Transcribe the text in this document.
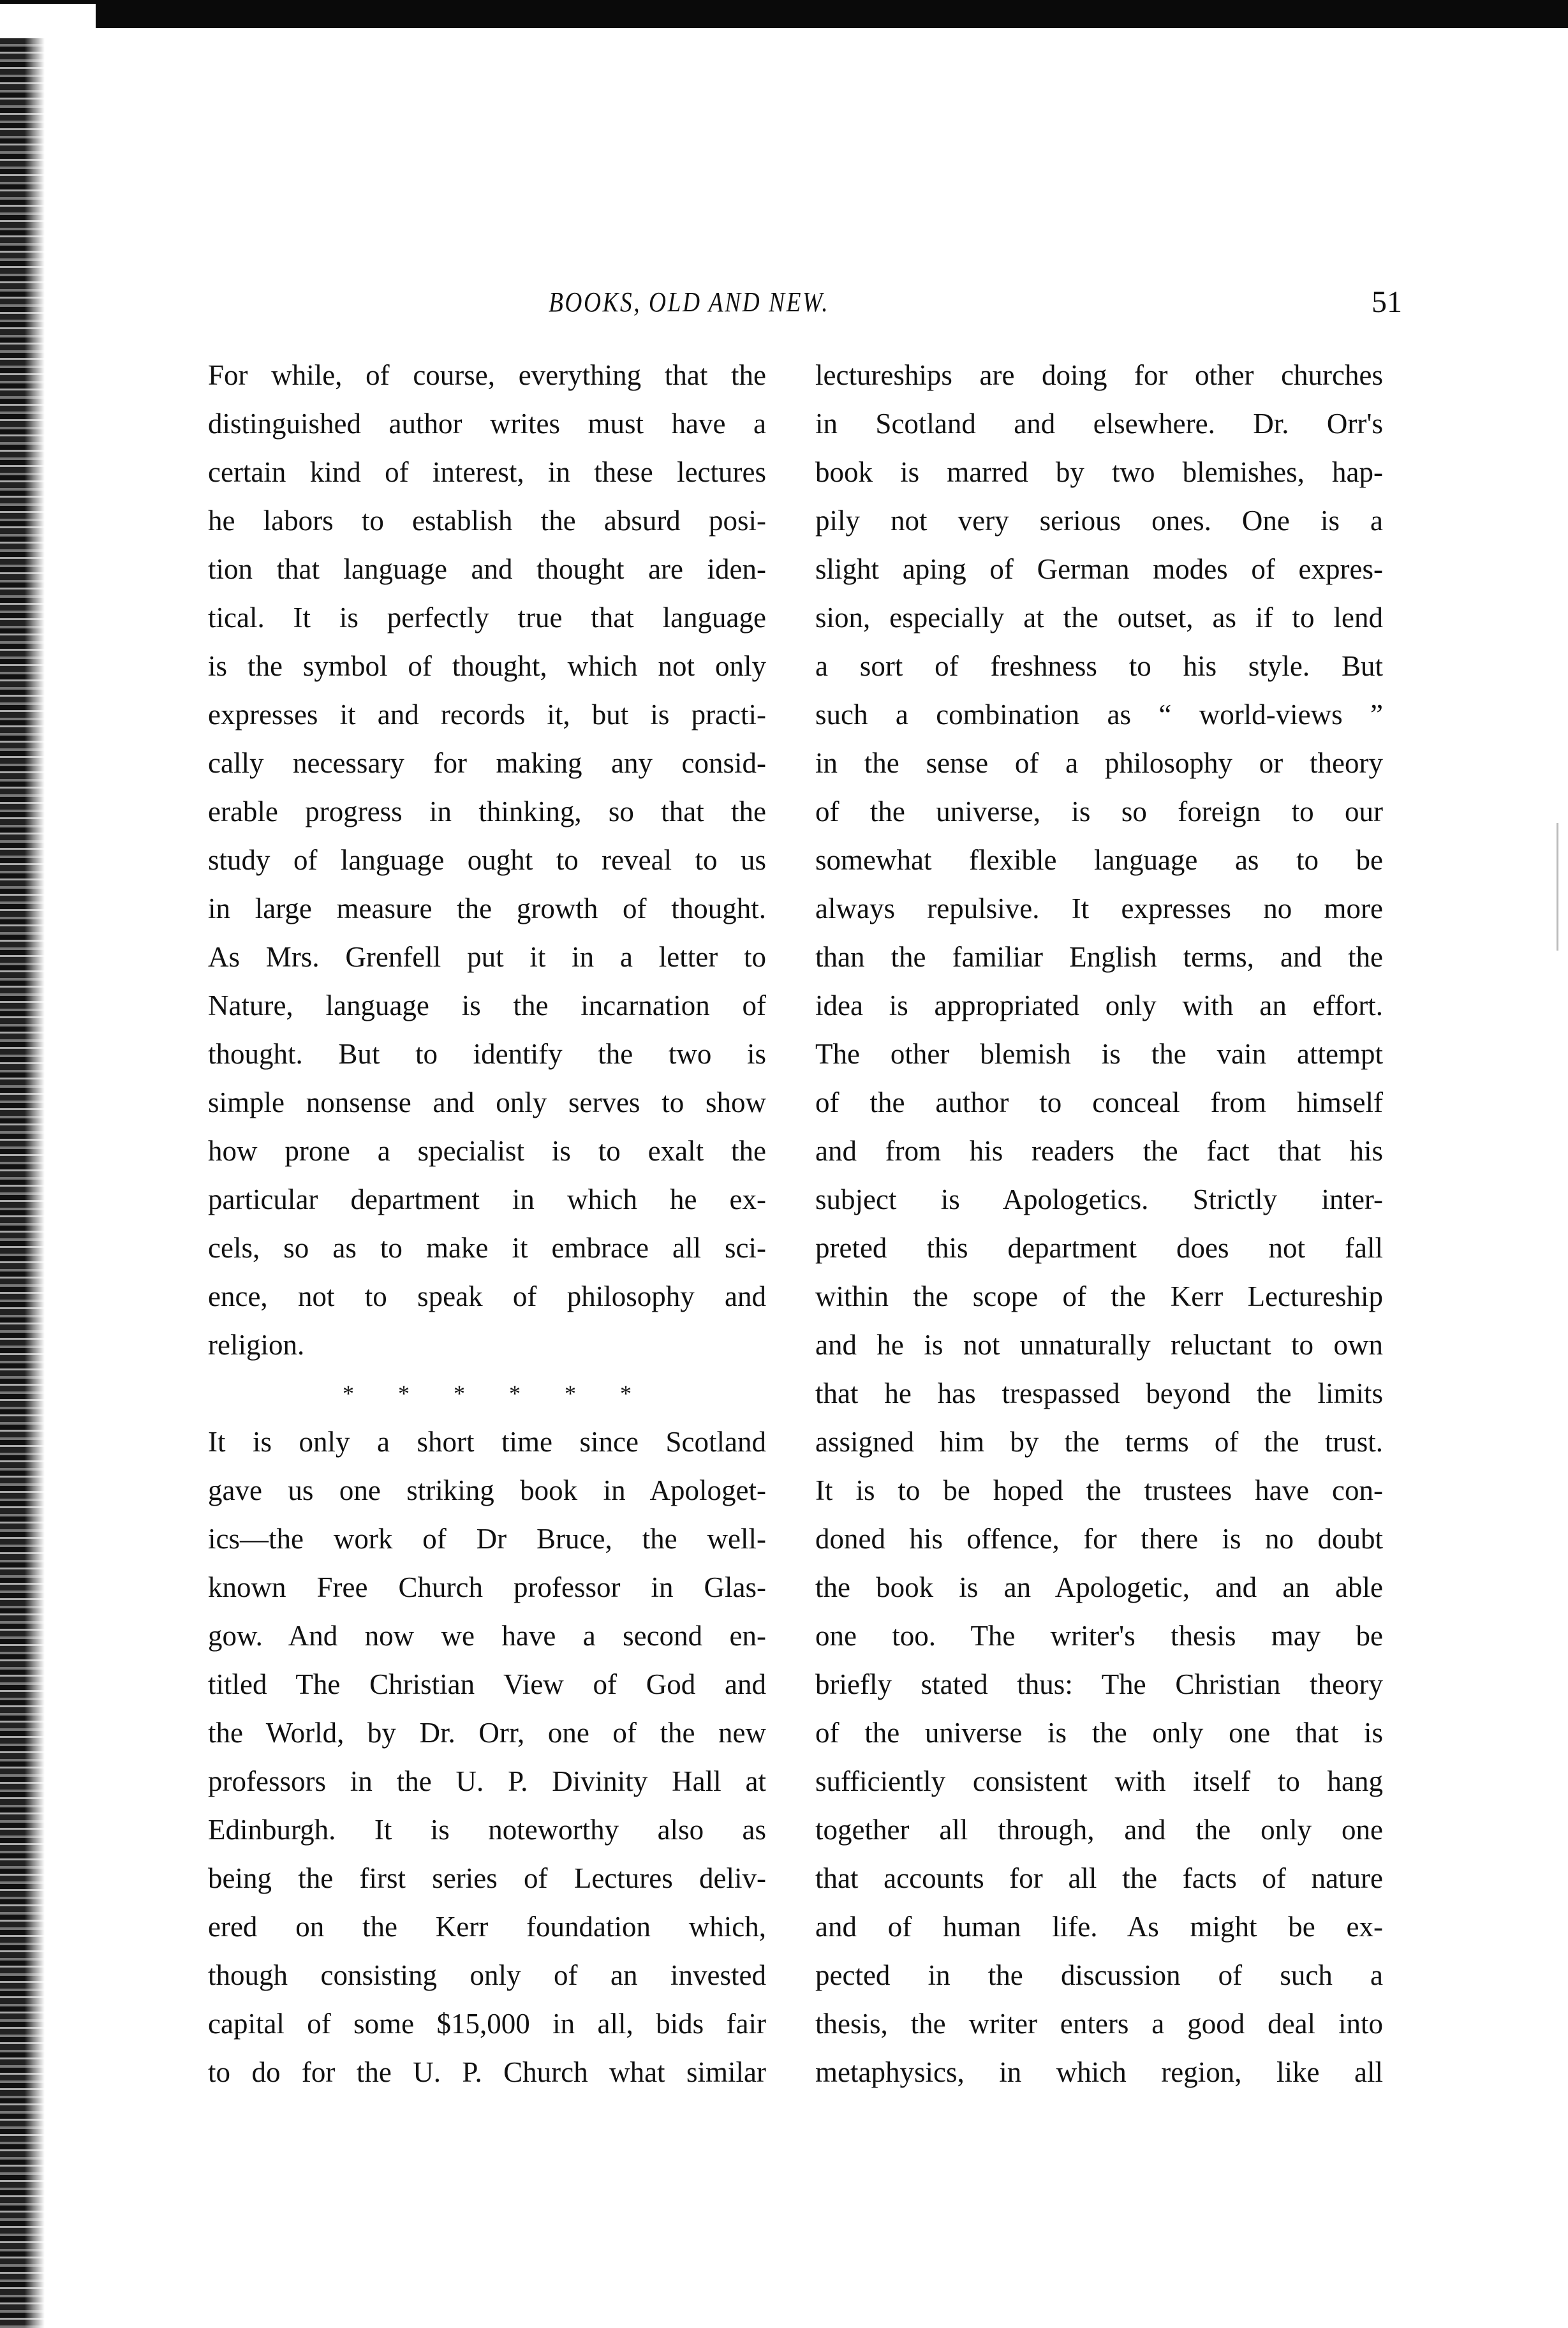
BOOKS, OLD AND NEW.	51
For while, of course, everything that the
distinguished author writes must have a
certain kind of interest, in these lectures
he labors to establish the absurd posi-
tion that language and thought are iden-
tical. It is perfectly true that language
is the symbol of thought, which not only
expresses it and records it, but is practi-
cally necessary for making any consid-
erable progress in thinking, so that the
study of language ought to reveal to us
in large measure the growth of thought.
As Mrs. Grenfell put it in a letter to
Nature, language is the incarnation of
thought. But to identify the two is
simple nonsense and only serves to show
how prone a specialist is to exalt the
particular department in which he ex-
cels, so as to make it embrace all sci-
ence, not to speak of philosophy and
religion.
* * * * * *
It is only a short time since Scotland
gave us one striking book in Apologet-
ics—the work of Dr Bruce, the well-
known Free Church professor in Glas-
gow. And now we have a second en-
titled The Christian View of God and
the World, by Dr. Orr, one of the new
professors in the U. P. Divinity Hall at
Edinburgh. It is noteworthy also as
being the first series of Lectures deliv-
ered on the Kerr foundation which,
though consisting only of an invested
capital of some $15,000 in all, bids fair
to do for the U. P. Church what similar
lectureships are doing for other churches
in Scotland and elsewhere. Dr. Orr's
book is marred by two blemishes, hap-
pily not very serious ones. One is a
slight aping of German modes of expres-
sion, especially at the outset, as if to lend
a sort of freshness to his style. But
such a combination as “ world-views ”
in the sense of a philosophy or theory
of the universe, is so foreign to our
somewhat flexible language as to be
always repulsive. It expresses no more
than the familiar English terms, and the
idea is appropriated only with an effort.
The other blemish is the vain attempt
of the author to conceal from himself
and from his readers the fact that his
subject is Apologetics. Strictly inter-
preted this department does not fall
within the scope of the Kerr Lectureship
and he is not unnaturally reluctant to own
that he has trespassed beyond the limits
assigned him by the terms of the trust.
It is to be hoped the trustees have con-
doned his offence, for there is no doubt
the book is an Apologetic, and an able
one too. The writer's thesis may be
briefly stated thus: The Christian theory
of the universe is the only one that is
sufficiently consistent with itself to hang
together all through, and the only one
that accounts for all the facts of nature
and of human life. As might be ex-
pected in the discussion of such a
thesis, the writer enters a good deal into
metaphysics, in which region, like all
